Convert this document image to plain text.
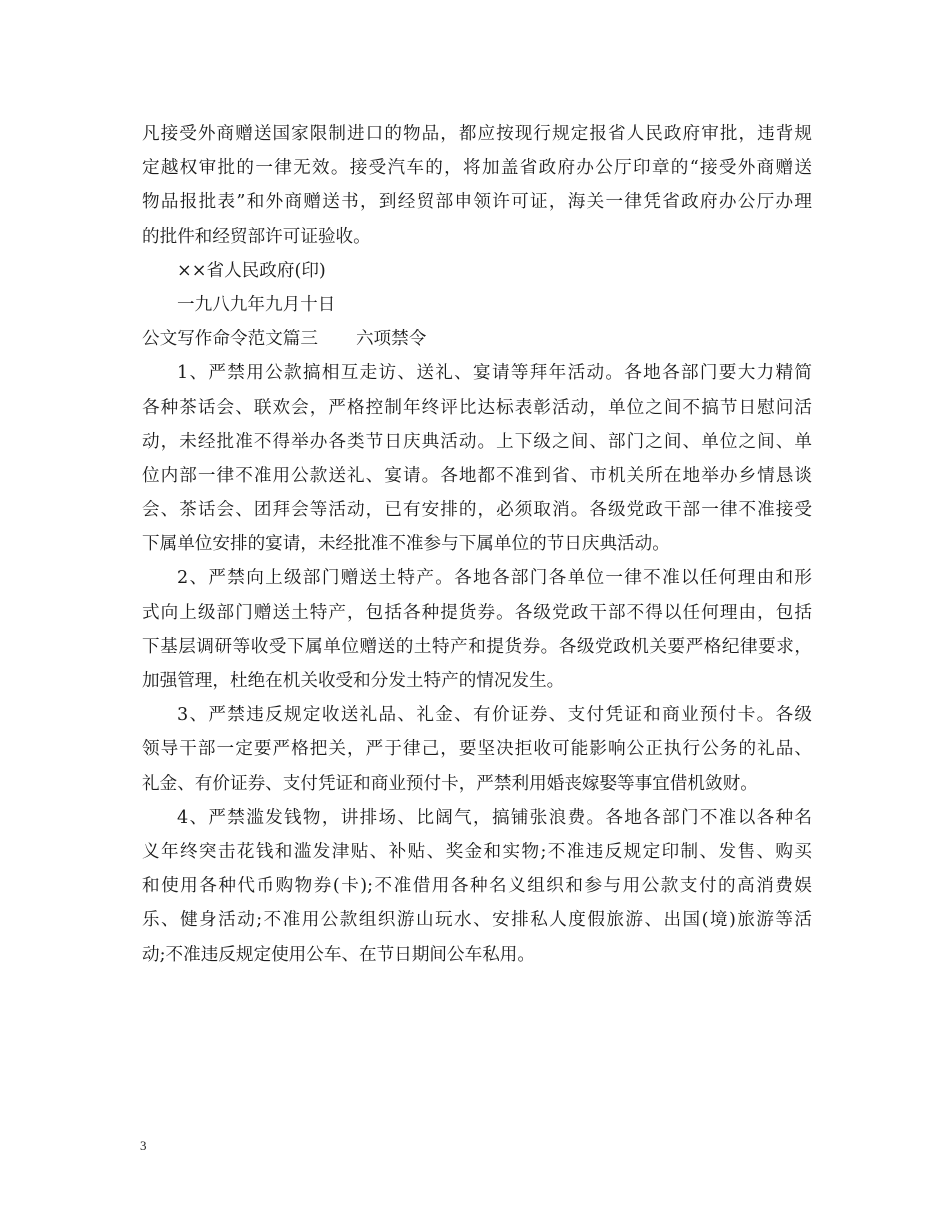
凡接受外商赠送国家限制进口的物品，都应按现行规定报省人民政府审批，违背规
定越权审批的一律无效。接受汽车的，将加盖省政府办公厅印章的“接受外商赠送
物品报批表”和外商赠送书，到经贸部申领许可证，海关一律凭省政府办公厅办理
的批件和经贸部许可证验收。
××省人民政府(印)
一九八九年九月十日
公文写作命令范文篇三 六项禁令
1、严禁用公款搞相互走访、送礼、宴请等拜年活动。各地各部门要大力精简
各种茶话会、联欢会，严格控制年终评比达标表彰活动，单位之间不搞节日慰问活
动，未经批准不得举办各类节日庆典活动。上下级之间、部门之间、单位之间、单
位内部一律不准用公款送礼、宴请。各地都不准到省、市机关所在地举办乡情恳谈
会、茶话会、团拜会等活动，已有安排的，必须取消。各级党政干部一律不准接受
下属单位安排的宴请，未经批准不准参与下属单位的节日庆典活动。
2、严禁向上级部门赠送土特产。各地各部门各单位一律不准以任何理由和形
式向上级部门赠送土特产，包括各种提货券。各级党政干部不得以任何理由，包括
下基层调研等收受下属单位赠送的土特产和提货券。各级党政机关要严格纪律要求，
加强管理，杜绝在机关收受和分发土特产的情况发生。
3、严禁违反规定收送礼品、礼金、有价证券、支付凭证和商业预付卡。各级
领导干部一定要严格把关，严于律己，要坚决拒收可能影响公正执行公务的礼品、
礼金、有价证券、支付凭证和商业预付卡，严禁利用婚丧嫁娶等事宜借机敛财。
4、严禁滥发钱物，讲排场、比阔气，搞铺张浪费。各地各部门不准以各种名
义年终突击花钱和滥发津贴、补贴、奖金和实物;不准违反规定印制、发售、购买
和使用各种代币购物券(卡);不准借用各种名义组织和参与用公款支付的高消费娱
乐、健身活动;不准用公款组织游山玩水、安排私人度假旅游、出国(境)旅游等活
动;不准违反规定使用公车、在节日期间公车私用。
3
